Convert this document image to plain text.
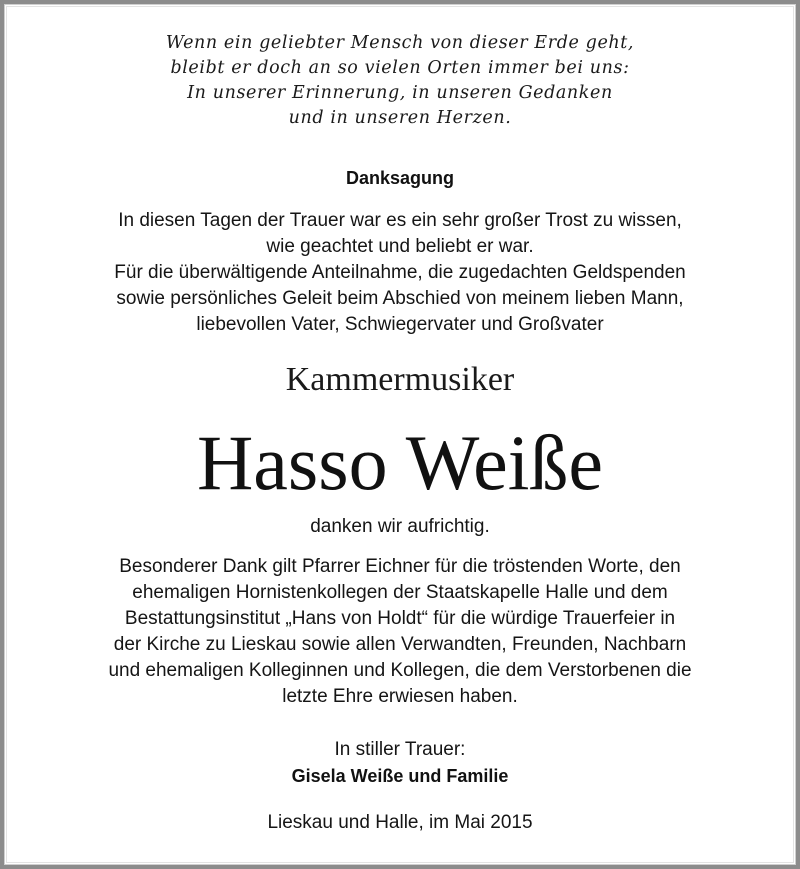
Wenn ein geliebter Mensch von dieser Erde geht,
bleibt er doch an so vielen Orten immer bei uns:
In unserer Erinnerung, in unseren Gedanken
und in unseren Herzen.
Danksagung
In diesen Tagen der Trauer war es ein sehr großer Trost zu wissen,
wie geachtet und beliebt er war.
Für die überwältigende Anteilnahme, die zugedachten Geldspenden
sowie persönliches Geleit beim Abschied von meinem lieben Mann,
liebevollen Vater, Schwiegervater und Großvater
Kammermusiker
Hasso Weiße
danken wir aufrichtig.
Besonderer Dank gilt Pfarrer Eichner für die tröstenden Worte, den
ehemaligen Hornistenkollegen der Staatskapelle Halle und dem
Bestattungsinstitut „Hans von Holdt“ für die würdige Trauerfeier in
der Kirche zu Lieskau sowie allen Verwandten, Freunden, Nachbarn
und ehemaligen Kolleginnen und Kollegen, die dem Verstorbenen die
letzte Ehre erwiesen haben.
In stiller Trauer:
Gisela Weiße und Familie
Lieskau und Halle, im Mai 2015
